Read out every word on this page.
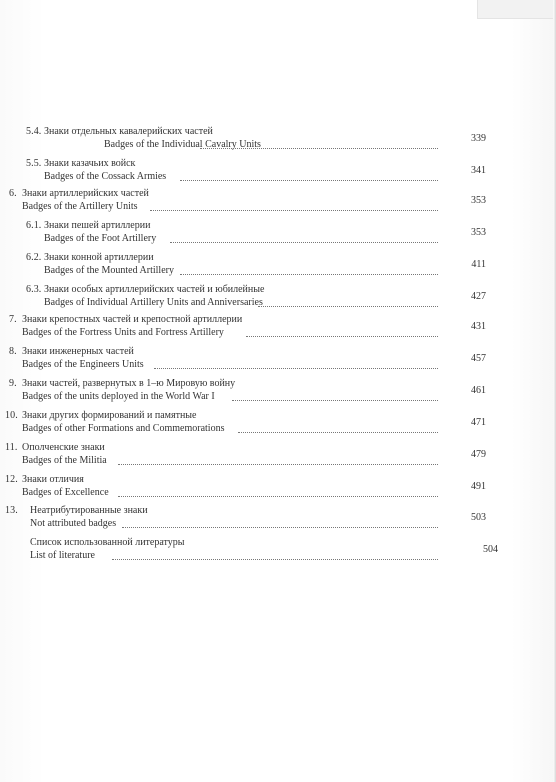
5.4. Знаки отдельных кавалерийских частей
Badges of the Individual Cavalry Units
339
5.5. Знаки казачьих войск
Badges of the Cossack Armies
341
6. Знаки артиллерийских частей
Badges of the Artillery Units
353
6.1. Знаки пешей артиллерии
Badges of the Foot Artillery
353
6.2. Знаки конной артиллерии
Badges of the Mounted Artillery
411
6.3. Знаки особых артиллерийских частей и юбилейные
Badges of Individual Artillery Units and Anniversaries
427
7. Знаки крепостных частей и крепостной артиллерии
Badges of the Fortress Units and Fortress Artillery
431
8. Знаки инженерных частей
Badges of the Engineers Units
457
9. Знаки частей, развернутых в 1–ю Мировую войну
Badges of the units deployed in the World War I
461
10. Знаки других формирований и памятные
Badges of other Formations and Commemorations
471
11. Ополченские знаки
Badges of the Militia
479
12. Знаки отличия
Badges of Excellence
491
13. Неатрибутированные знаки
Not attributed badges
503
Список использованной литературы
List of literature
504
